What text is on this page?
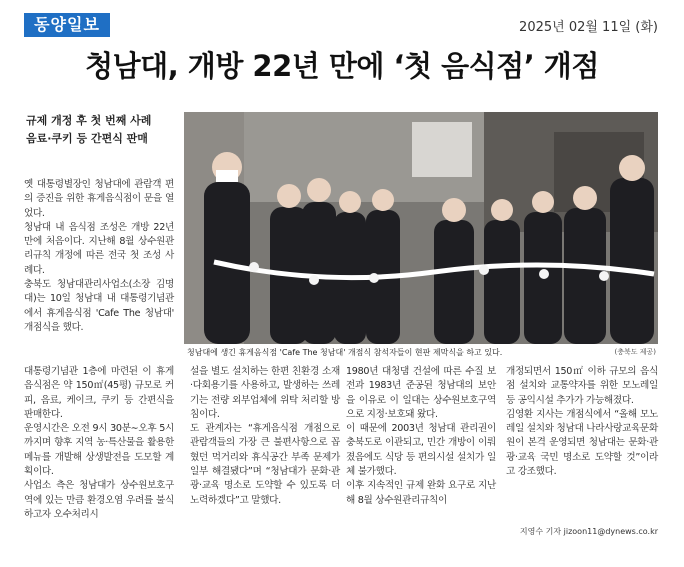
동양일보	2025년 02월 11일 (화)
청남대, 개방 22년 만에 ‘첫 음식점’ 개점
규제 개정 후 첫 번째 사례
음료·쿠키 등 간편식 판매
청남대에 생긴 휴게음식점 'Cafe The 청남대' 개점식 참석자들이 현판 제막식을 하고 있다.	(충북도 제공)

옛 대통령별장인 청남대에 관람객 편의 증진을 위한 휴게음식점이 문을 열었다.

청남대 내 음식점 조성은 개방 22년 만에 처음이다. 지난해 8월 상수원관리규칙 개정에 따른 전국 첫 조성 사례다.

충북도 청남대관리사업소(소장 김명대)는 10일 청남대 내 대통령기념관에서 휴게음식점 'Cafe The 청남대' 개점식을 했다.

대통령기념관 1층에 마련된 이 휴게음식점은 약 150㎡(45평) 규모로 커피, 음료, 케이크, 쿠키 등 간편식을 판매한다.

운영시간은 오전 9시 30분∼오후 5시까지며 향후 지역 농·특산물을 활용한 메뉴를 개발해 상생발전을 도모할 계획이다.

사업소 측은 청남대가 상수원보호구역에 있는 만큼 환경오염 우려를 불식하고자 오수처리시

설을 별도 설치하는 한편 친환경 소재·다회용기를 사용하고, 발생하는 쓰레기는 전량 외부업체에 위탁 처리할 방침이다.

도 관계자는 “휴게음식점 개점으로 관람객들의 가장 큰 불편사항으로 꼽혔던 먹거리와 휴식공간 부족 문제가 일부 해결됐다”며 “청남대가 문화·관광·교육 명소로 도약할 수 있도록 더 노력하겠다”고 말했다.

1980년 대청댐 건설에 따른 수질 보전과 1983년 준공된 청남대의 보안을 이유로 이 일대는 상수원보호구역으로 지정·보호돼 왔다.

이 때문에 2003년 청남대 관리권이 충북도로 이관되고, 민간 개방이 이뤄졌음에도 식당 등 편의시설 설치가 일체 불가했다.

이후 지속적인 규제 완화 요구로 지난해 8월 상수원관리규칙이

개정되면서 150㎡ 이하 규모의 음식점 설치와 교통약자를 위한 모노레일 등 공익시설 추가가 가능해졌다.

김영환 지사는 개점식에서 “올해 모노레일 설치와 청남대 나라사랑교육문화원이 본격 운영되면 청남대는 문화·관광·교육 국민 명소로 도약할 것”이라고 강조했다.

지영수 기자 jizoon11@dynews.co.kr
